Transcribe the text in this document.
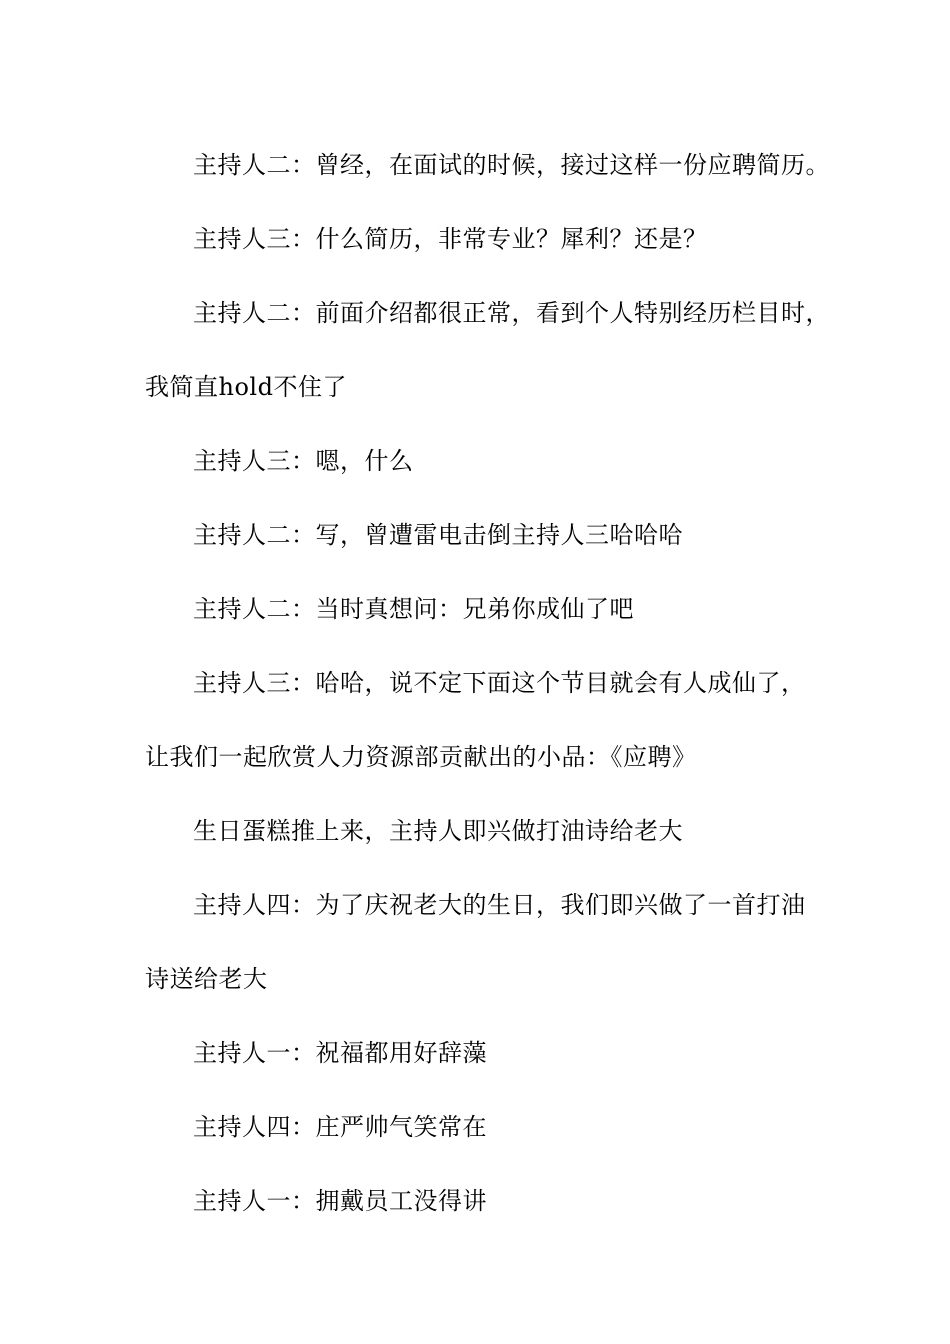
主持人二：曾经，在面试的时候，接过这样一份应聘简历。
主持人三：什么简历，非常专业？犀利？还是？
主持人二：前面介绍都很正常，看到个人特别经历栏目时，
我简直hold不住了
主持人三：嗯，什么
主持人二：写，曾遭雷电击倒主持人三哈哈哈
主持人二：当时真想问：兄弟你成仙了吧
主持人三：哈哈，说不定下面这个节目就会有人成仙了，
让我们一起欣赏人力资源部贡献出的小品：《应聘》
生日蛋糕推上来，主持人即兴做打油诗给老大
主持人四：为了庆祝老大的生日，我们即兴做了一首打油
诗送给老大
主持人一：祝福都用好辞藻
主持人四：庄严帅气笑常在
主持人一：拥戴员工没得讲
